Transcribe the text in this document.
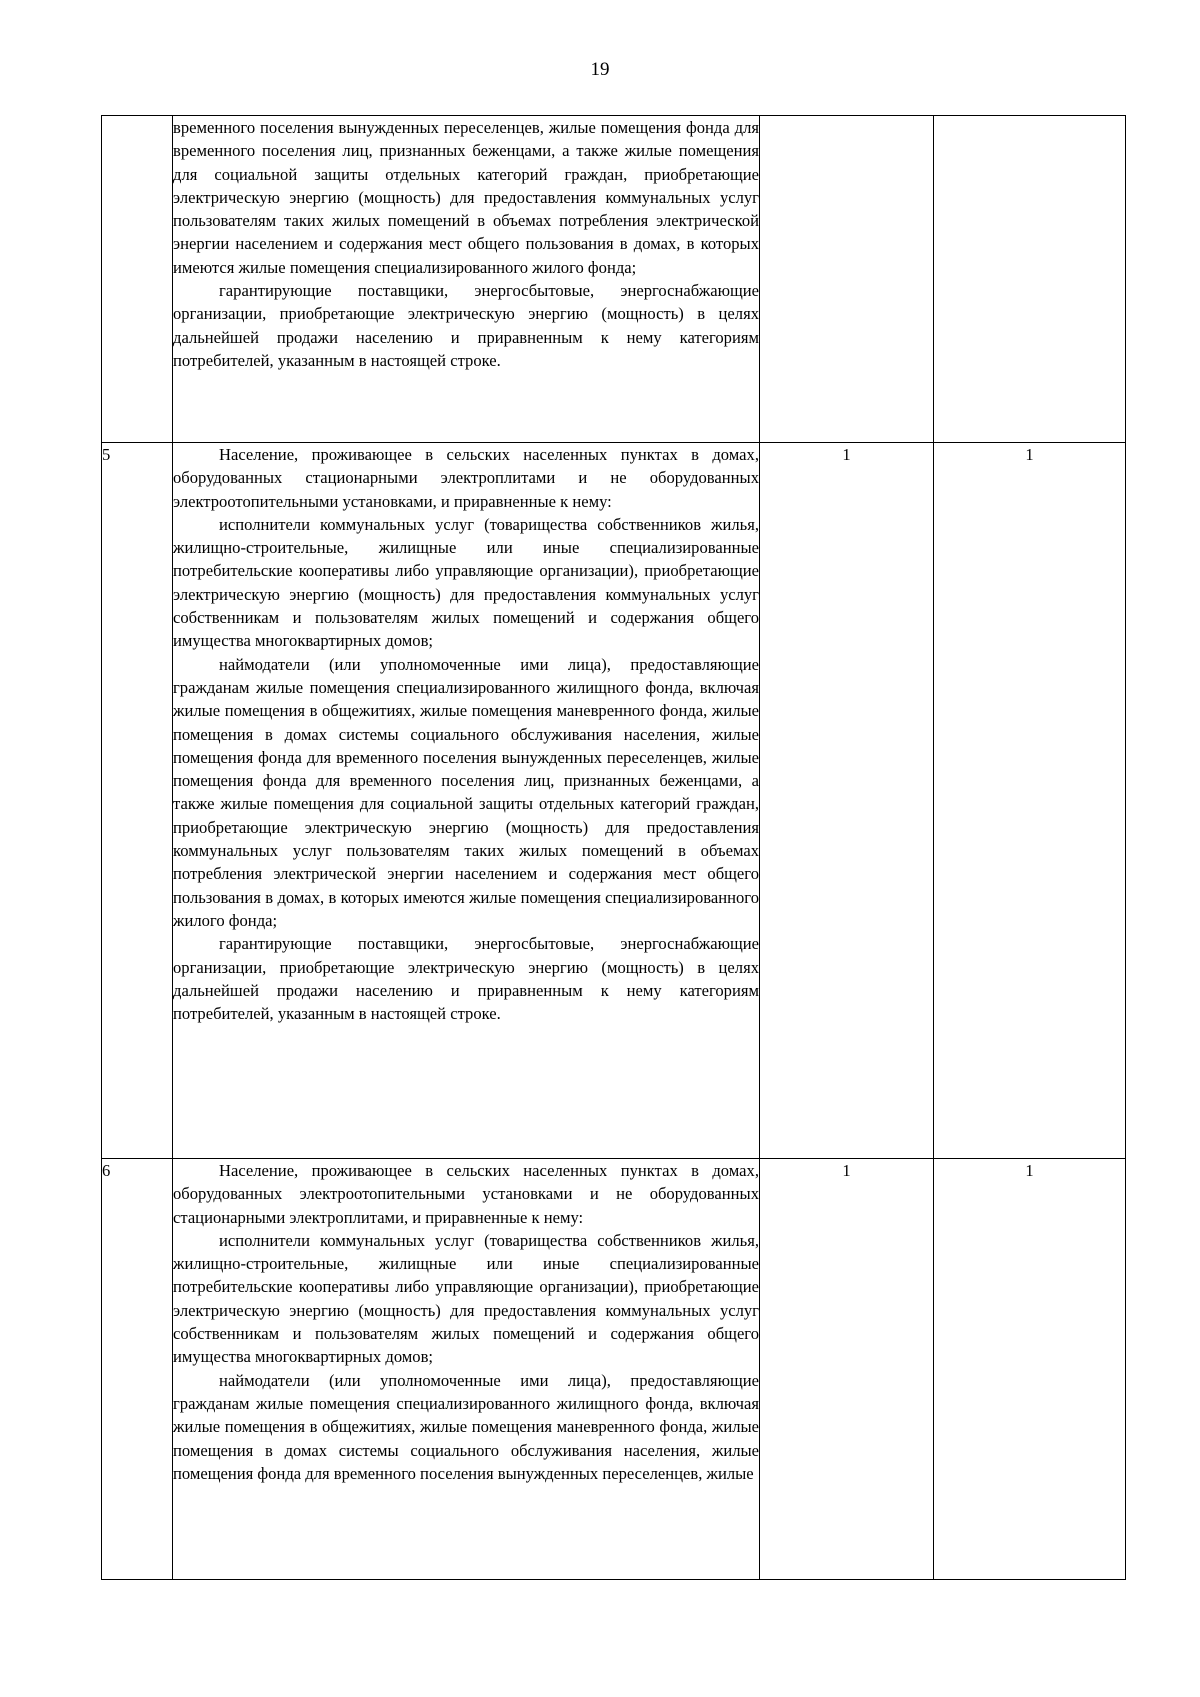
19

	временного поселения вынужденных переселенцев, жилые помещения фонда для временного поселения лиц, признанных беженцами, а также жилые помещения для социальной защиты отдельных категорий граждан, приобретающие электрическую энергию (мощность) для предоставления коммунальных услуг пользователям таких жилых помещений в объемах потребления электрической энергии населением и содержания мест общего пользования в домах, в которых имеются жилые помещения специализированного жилого фонда;

гарантирующие поставщики, энергосбытовые, энергоснабжающие организации, приобретающие электрическую энергию (мощность) в целях дальнейшей продажи населению и приравненным к нему категориям потребителей, указанным в настоящей строке.		

5	Население, проживающее в сельских населенных пунктах в домах, оборудованных стационарными электроплитами и не оборудованных электроотопительными установками, и приравненные к нему:

исполнители коммунальных услуг (товарищества собственников жилья, жилищно-строительные, жилищные или иные специализированные потребительские кооперативы либо управляющие организации), приобретающие электрическую энергию (мощность) для предоставления коммунальных услуг собственникам и пользователям жилых помещений и содержания общего имущества многоквартирных домов;

наймодатели (или уполномоченные ими лица), предоставляющие гражданам жилые помещения специализированного жилищного фонда, включая жилые помещения в общежитиях, жилые помещения маневренного фонда, жилые помещения в домах системы социального обслуживания населения, жилые помещения фонда для временного поселения вынужденных переселенцев, жилые помещения фонда для временного поселения лиц, признанных беженцами, а также жилые помещения для социальной защиты отдельных категорий граждан, приобретающие электрическую энергию (мощность) для предоставления коммунальных услуг пользователям таких жилых помещений в объемах потребления электрической энергии населением и содержания мест общего пользования в домах, в которых имеются жилые помещения специализированного жилого фонда;

гарантирующие поставщики, энергосбытовые, энергоснабжающие организации, приобретающие электрическую энергию (мощность) в целях дальнейшей продажи населению и приравненным к нему категориям потребителей, указанным в настоящей строке.	1	1
6	Население, проживающее в сельских населенных пунктах в домах, оборудованных электроотопительными установками и не оборудованных стационарными электроплитами, и приравненные к нему:

исполнители коммунальных услуг (товарищества собственников жилья, жилищно-строительные, жилищные или иные специализированные потребительские кооперативы либо управляющие организации), приобретающие электрическую энергию (мощность) для предоставления коммунальных услуг собственникам и пользователям жилых помещений и содержания общего имущества многоквартирных домов;

наймодатели (или уполномоченные ими лица), предоставляющие гражданам жилые помещения специализированного жилищного фонда, включая жилые помещения в общежитиях, жилые помещения маневренного фонда, жилые помещения в домах системы социального обслуживания населения, жилые помещения фонда для временного поселения вынужденных переселенцев, жилые	1	1
